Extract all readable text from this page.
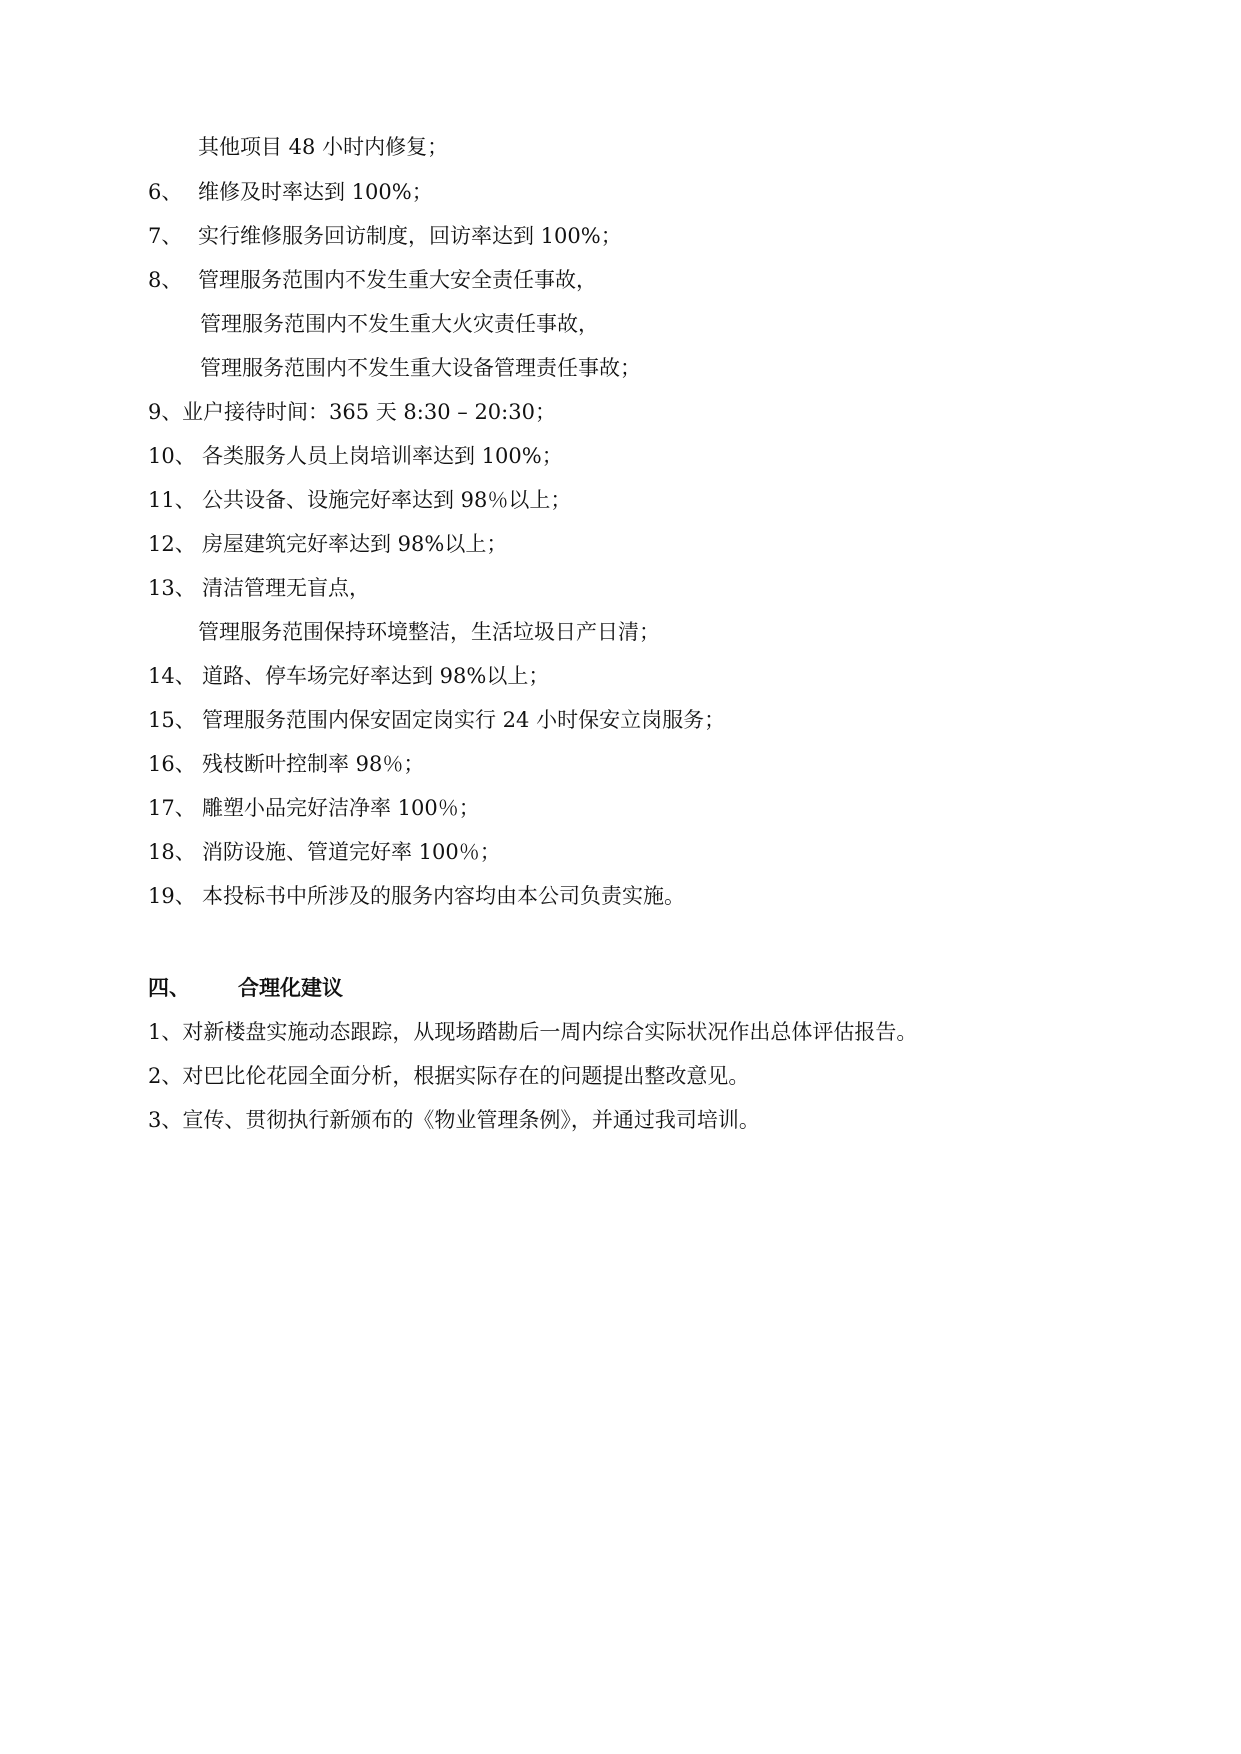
其他项目 48 小时内修复；
6、 维修及时率达到 100%；
7、 实行维修服务回访制度，回访率达到 100%；
8、 管理服务范围内不发生重大安全责任事故，
管理服务范围内不发生重大火灾责任事故，
管理服务范围内不发生重大设备管理责任事故；
9、 业户接待时间：365 天 8:30 – 20:30；
10、 各类服务人员上岗培训率达到 100%；
11、 公共设备、设施完好率达到 98％以上；
12、 房屋建筑完好率达到 98%以上；
13、 清洁管理无盲点，
管理服务范围保持环境整洁，生活垃圾日产日清；
14、 道路、停车场完好率达到 98%以上；
15、 管理服务范围内保安固定岗实行 24 小时保安立岗服务；
16、 残枝断叶控制率 98％；
17、 雕塑小品完好洁净率 100％；
18、 消防设施、管道完好率 100％；
19、 本投标书中所涉及的服务内容均由本公司负责实施。
四、 合理化建议
1、对新楼盘实施动态跟踪，从现场踏勘后一周内综合实际状况作出总体评估报告。
2、对巴比伦花园全面分析，根据实际存在的问题提出整改意见。
3、宣传、贯彻执行新颁布的《物业管理条例》，并通过我司培训。
